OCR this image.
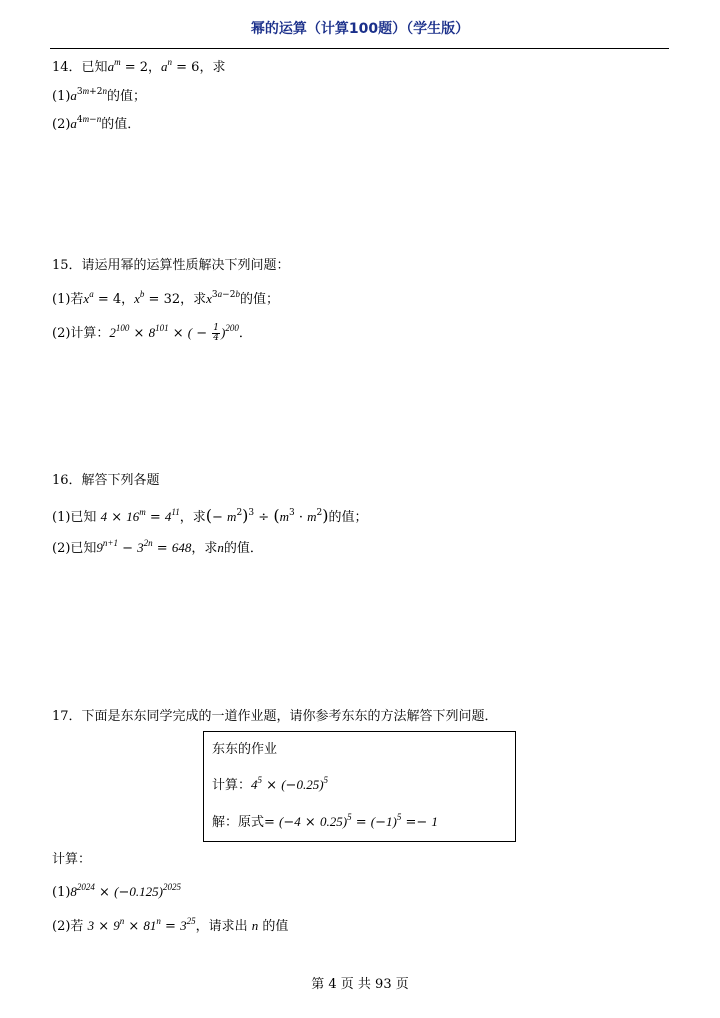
幂的运算（计算100题）（学生版）
14．已知$a^m = 2$，$a^n = 6$，求
$(1)a^{3m+2n}$的值；
$(2)a^{4m-n}$的值．
15．请运用幂的运算性质解决下列问题：
(1)若$x^a = 4$，$x^b = 32$，求$x^{3a-2b}$的值；
(2)计算：$2^{100} \times 8^{101}$ × ( − $\frac{1}{4} )^{200}$．
16．解答下列各题
(1)已知 $4 \times 16^m = 4^{11}$，求(− $m^2)^3 \div (m^3 \cdot m^2)$的值；
(2)已知$9^{n+1} - 3^{2n} = 648$，求n的值．
17．下面是东东同学完成的一道作业题，请你参考东东的方法解答下列问题．
东东的作业
计算：$4^5 \times (-0.25)^5$
解：原式= $(-4 \times 0.25)^5 = (-1)^5 =- 1$
计算：
$(1)8^{2024} \times (-0.125)^{2025}$
(2)若 $3 \times 9^n \times 81^n = 3^{25}$，请求出 n 的值
第 4 页 共 93 页
